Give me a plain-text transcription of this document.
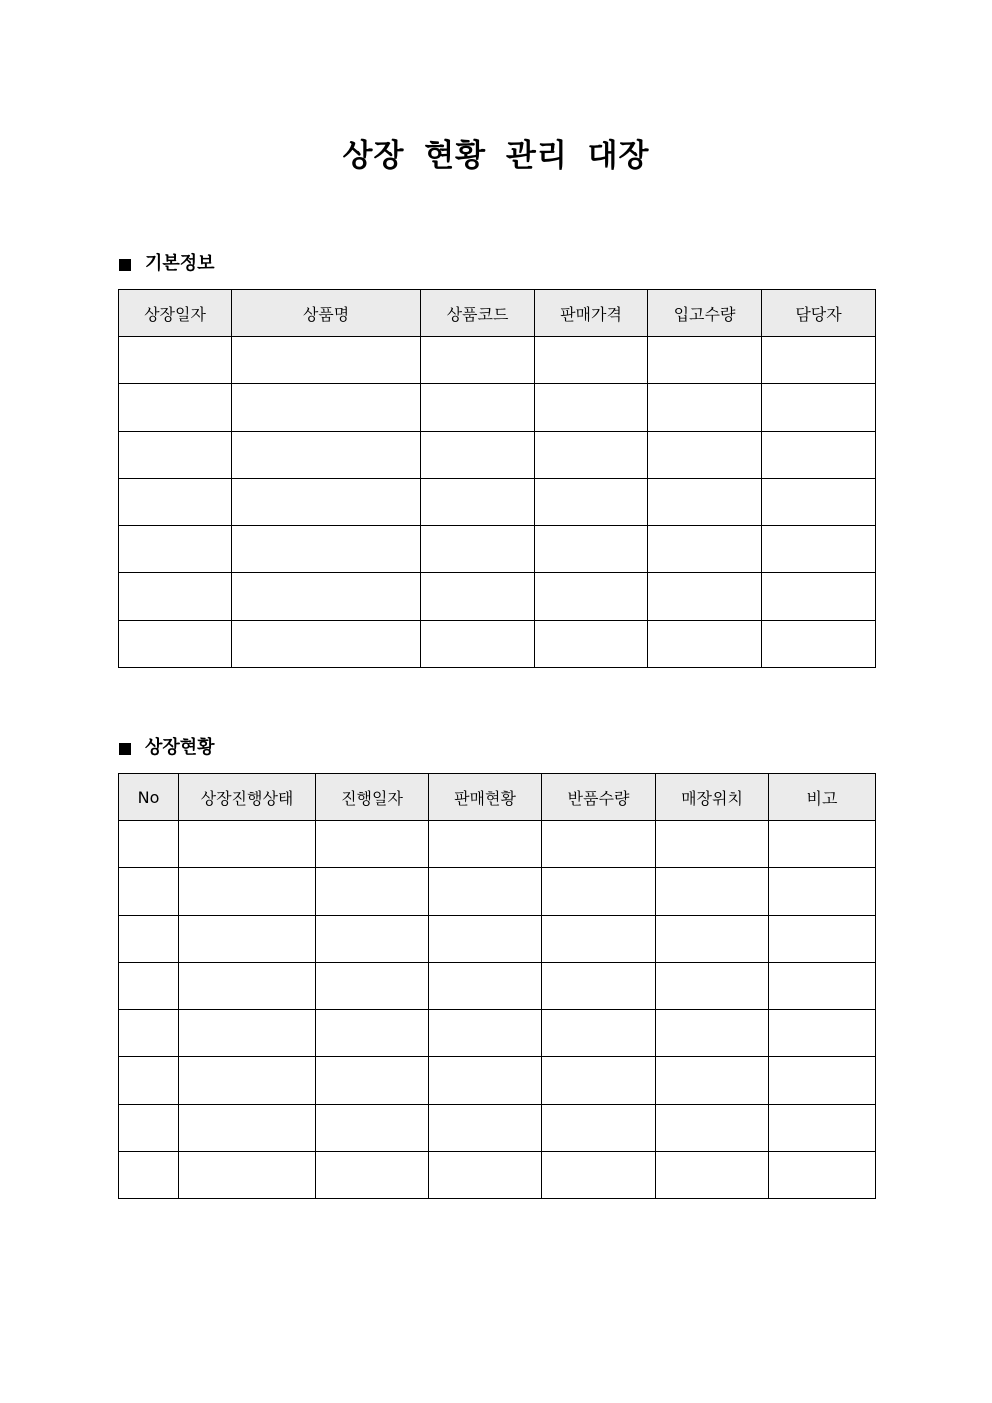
상장 현황 관리 대장
기본정보
상장일자	상품명	상품코드	판매가격	입고수량	담당자

상장현황
No	상장진행상태	진행일자	판매현황	반품수량	매장위치	비고
